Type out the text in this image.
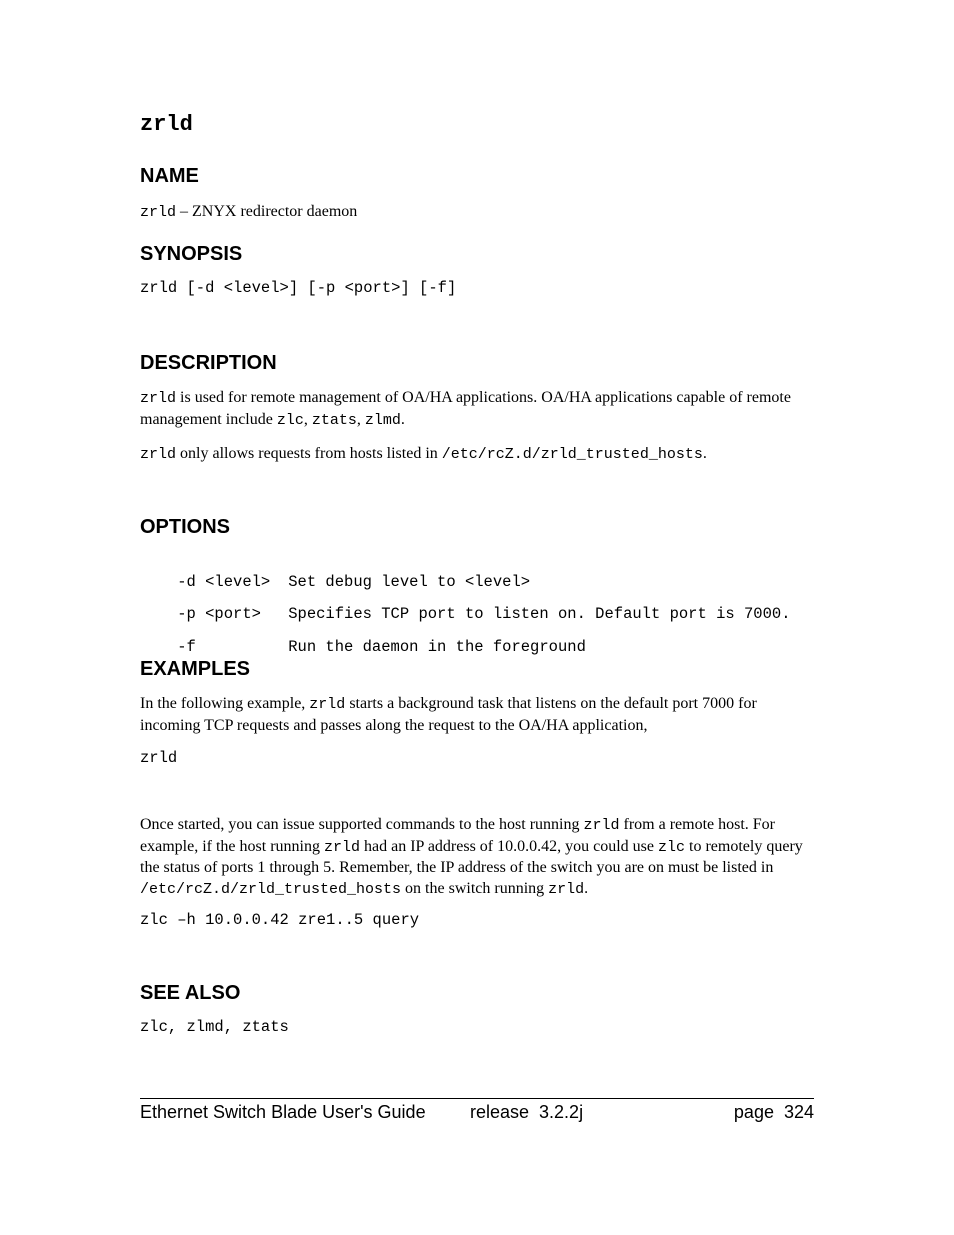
zrld
NAME
zrld – ZNYX redirector daemon
SYNOPSIS
zrld [-d <level>] [-p <port>] [-f]
DESCRIPTION
zrld is used for remote management of OA/HA applications. OA/HA applications capable of remote management include zlc, ztats, zlmd.
zrld only allows requests from hosts listed in /etc/rcZ.d/zrld_trusted_hosts.
OPTIONS

-d <level> Set debug level to <level>

-p <port> Specifies TCP port to listen on. Default port is 7000.

-f	Run the daemon in the foreground

EXAMPLES
In the following example, zrld starts a background task that listens on the default port 7000 for incoming TCP requests and passes along the request to the OA/HA application,
zrld
Once started, you can issue supported commands to the host running zrld from a remote host. For example, if the host running zrld had an IP address of 10.0.0.42, you could use zlc to remotely query the status of ports 1 through 5. Remember, the IP address of the switch you are on must be listed in /etc/rcZ.d/zrld_trusted_hosts on the switch running zrld.
zlc –h 10.0.0.42 zre1..5 query
SEE ALSO
zlc, zlmd, ztats
Ethernet Switch Blade User's Guide release  3.2.2j	page  324
